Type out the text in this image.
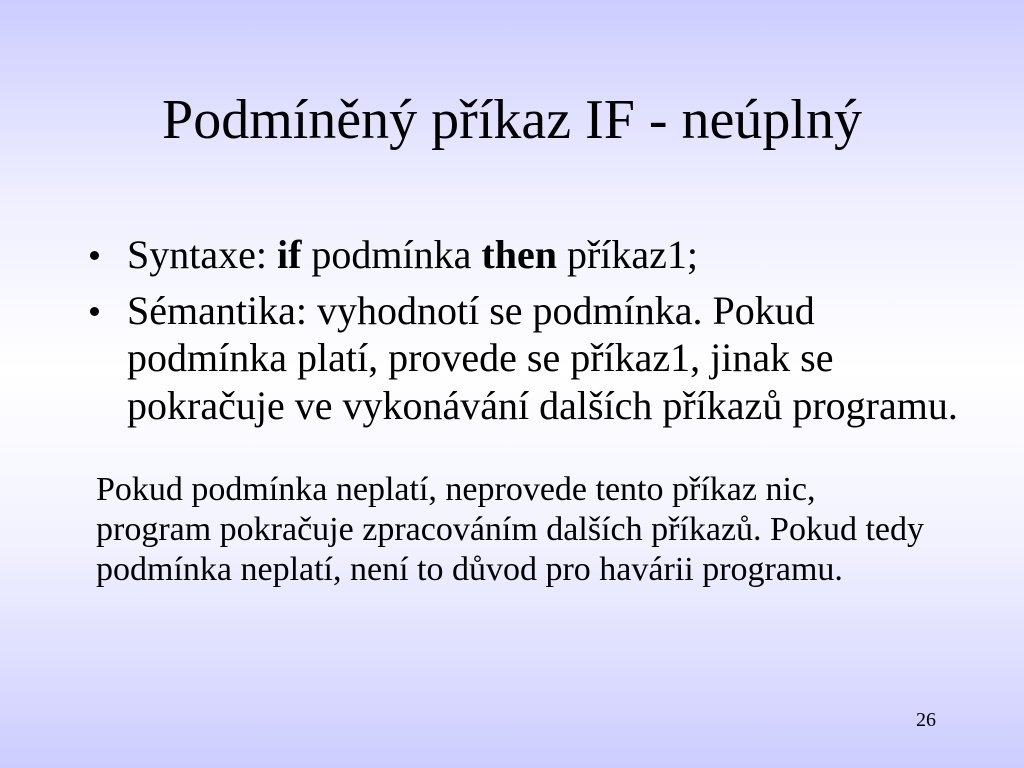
Podmíněný příkaz IF - neúplný
Syntaxe: if podmínka then příkaz1;
Sémantika: vyhodnotí se podmínka. Pokud
podmínka platí, provede se příkaz1, jinak se
pokračuje ve vykonávání dalších příkazů programu.
Pokud podmínka neplatí, neprovede tento příkaz nic,
program pokračuje zpracováním dalších příkazů. Pokud tedy
podmínka neplatí, není to důvod pro havárii programu.
26
